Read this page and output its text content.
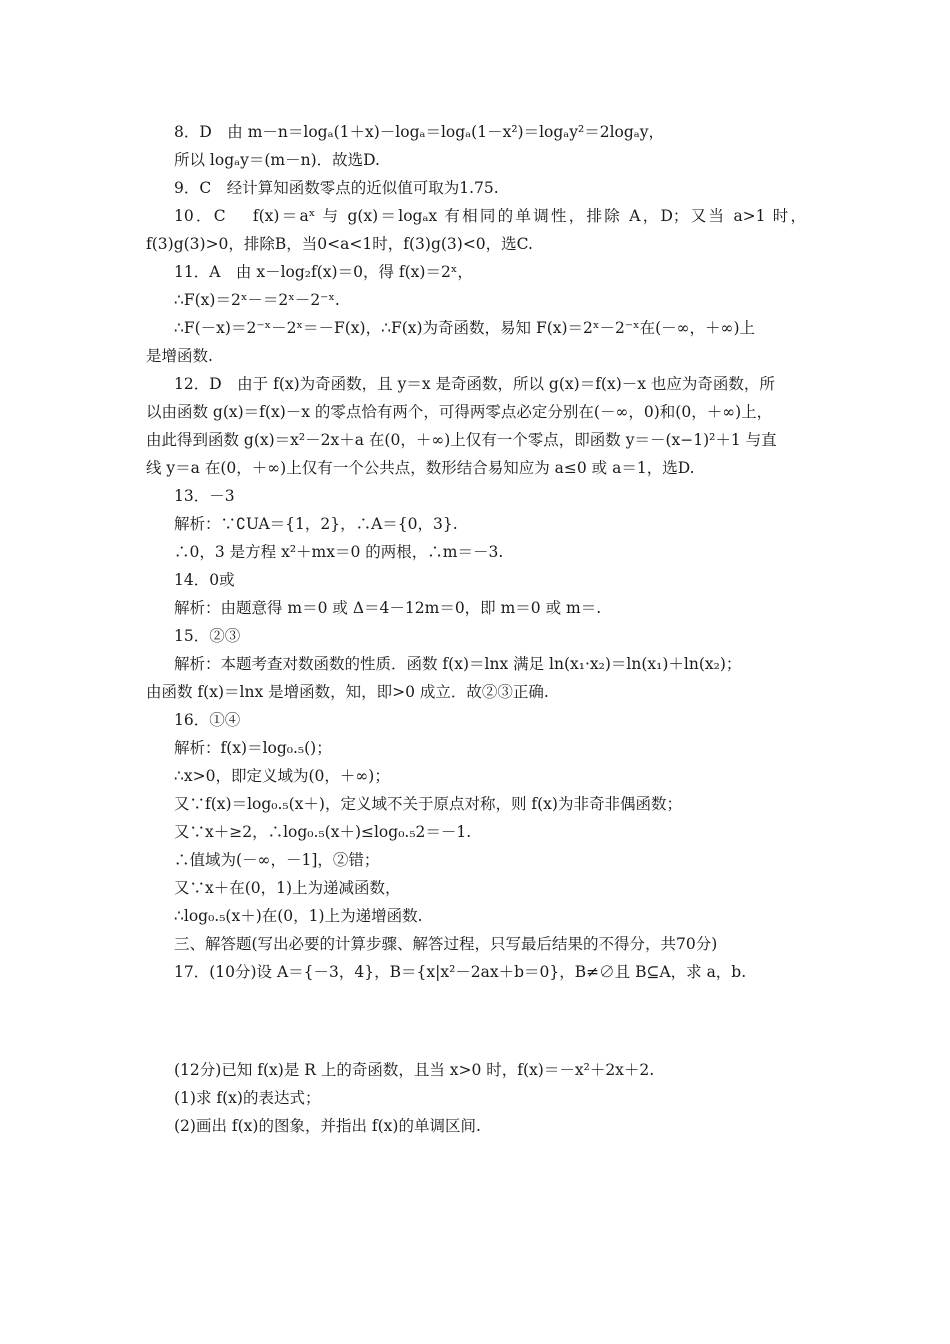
8．D　由 m－n＝logₐ(1＋x)－logₐ＝logₐ(1－x²)＝logₐy²＝2logₐy，
所以 logₐy＝(m－n)．故选D.
9．C　经计算知函数零点的近似值可取为1.75.
10．C　 f(x)＝aˣ 与 g(x)＝logₐx 有相同的单调性，排除 A，D；又当 a>1 时，
f(3)g(3)>0，排除B，当0<a<1时，f(3)g(3)<0，选C.
11．A　由 x－log₂f(x)＝0，得 f(x)＝2ˣ，
∴F(x)＝2ˣ－＝2ˣ－2⁻ˣ.
∴F(－x)＝2⁻ˣ－2ˣ＝－F(x)，∴F(x)为奇函数，易知 F(x)＝2ˣ－2⁻ˣ在(－∞，＋∞)上
是增函数.
12．D　由于 f(x)为奇函数，且 y＝x 是奇函数，所以 g(x)＝f(x)－x 也应为奇函数，所
以由函数 g(x)＝f(x)－x 的零点恰有两个，可得两零点必定分别在(－∞，0)和(0，＋∞)上，
由此得到函数 g(x)＝x²－2x＋a 在(0，＋∞)上仅有一个零点，即函数 y＝－(x−1)²＋1 与直
线 y＝a 在(0，＋∞)上仅有一个公共点，数形结合易知应为 a≤0 或 a＝1，选D.
13．－3
解析：∵∁UA＝{1，2}，∴A＝{0，3}.
∴0，3 是方程 x²＋mx＝0 的两根，∴m＝－3.
14．0或
解析：由题意得 m＝0 或 Δ＝4－12m＝0，即 m＝0 或 m＝.
15．②③
解析：本题考查对数函数的性质．函数 f(x)＝lnx 满足 ln(x₁·x₂)＝ln(x₁)＋ln(x₂)；
由函数 f(x)＝lnx 是增函数，知，即>0 成立．故②③正确.
16．①④
解析：f(x)＝log₀.₅()；
∴x>0，即定义域为(0，＋∞)；
又∵f(x)＝log₀.₅(x＋)，定义域不关于原点对称，则 f(x)为非奇非偶函数；
又∵x＋≥2，∴log₀.₅(x＋)≤log₀.₅2＝－1.
∴值域为(－∞，－1]，②错；
又∵x＋在(0，1)上为递减函数，
∴log₀.₅(x＋)在(0，1)上为递增函数.
三、解答题(写出必要的计算步骤、解答过程，只写最后结果的不得分，共70分)
17．(10分)设 A＝{－3，4}，B＝{x|x²－2ax＋b＝0}，B≠∅且 B⊆A，求 a，b.
(12分)已知 f(x)是 R 上的奇函数，且当 x>0 时，f(x)＝－x²＋2x＋2.
(1)求 f(x)的表达式；
(2)画出 f(x)的图象，并指出 f(x)的单调区间.
